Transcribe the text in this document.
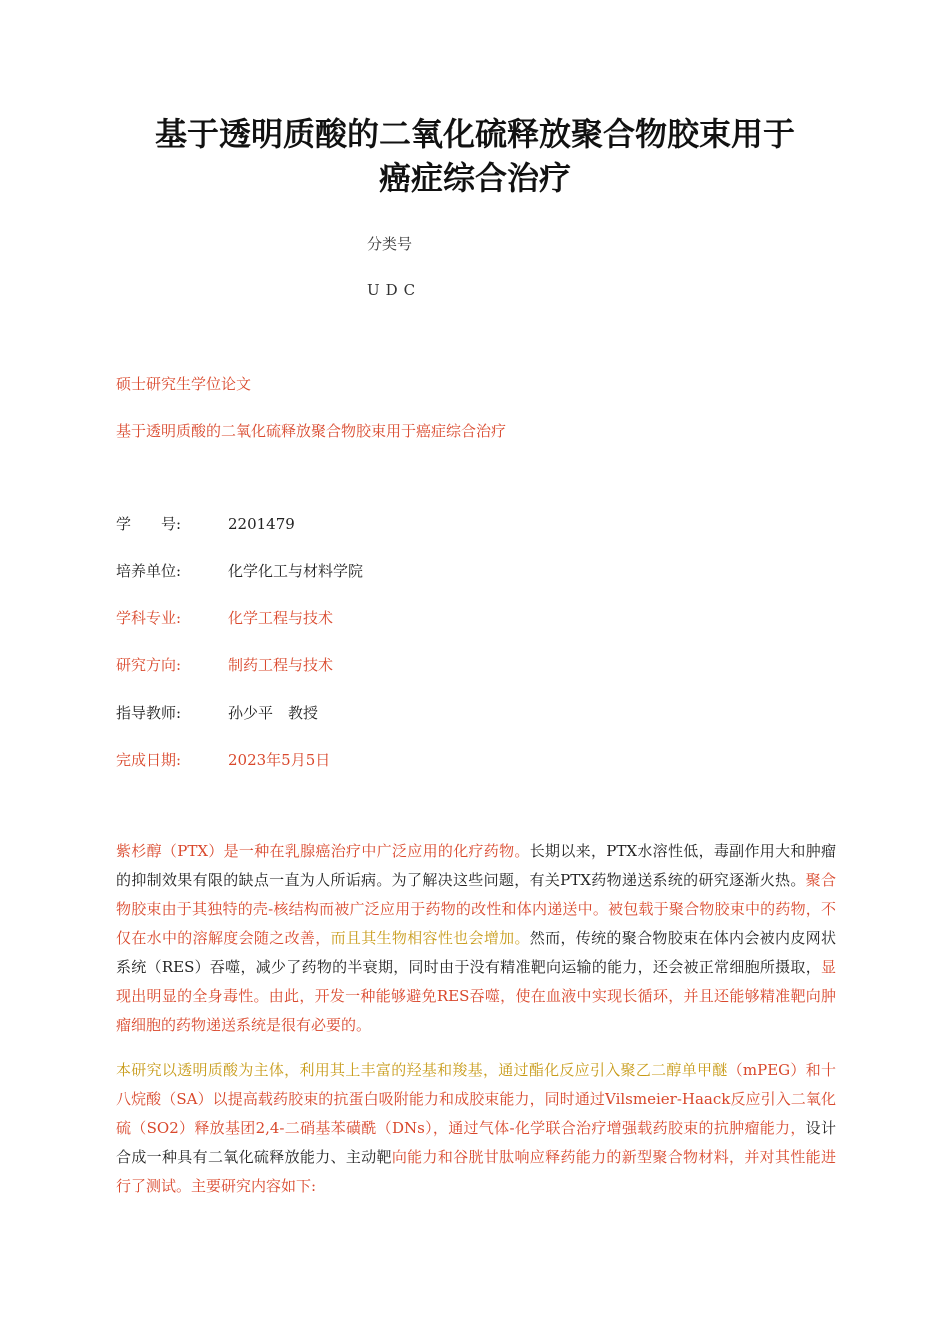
基于透明质酸的二氧化硫释放聚合物胶束用于
癌症综合治疗
分类号
UDC
硕士研究生学位论文
基于透明质酸的二氧化硫释放聚合物胶束用于癌症综合治疗
学　　号:	2201479
培养单位:	化学化工与材料学院
学科专业:	化学工程与技术
研究方向:	制药工程与技术
指导教师:	孙少平　教授
完成日期:	2023年5月5日

紫杉醇（PTX）是一种在乳腺癌治疗中广泛应用的化疗药物。长期以来，PTX水溶性低，毒副作用大和肿瘤的抑制效果有限的缺点一直为人所诟病。为了解决这些问题，有关PTX药物递送系统的研究逐渐火热。聚合物胶束由于其独特的壳-核结构而被广泛应用于药物的改性和体内递送中。被包载于聚合物胶束中的药物，不仅在水中的溶解度会随之改善，而且其生物相容性也会增加。然而，传统的聚合物胶束在体内会被内皮网状系统（RES）吞噬，减少了药物的半衰期，同时由于没有精准靶向运输的能力，还会被正常细胞所摄取，显现出明显的全身毒性。由此，开发一种能够避免RES吞噬，使在血液中实现长循环，并且还能够精准靶向肿瘤细胞的药物递送系统是很有必要的。

本研究以透明质酸为主体，利用其上丰富的羟基和羧基，通过酯化反应引入聚乙二醇单甲醚（mPEG）和十八烷酸（SA）以提高载药胶束的抗蛋白吸附能力和成胶束能力，同时通过Vilsmeier-Haack反应引入二氧化硫（SO2）释放基团2,4-二硝基苯磺酰（DNs），通过气体-化学联合治疗增强载药胶束的抗肿瘤能力，设计合成一种具有二氧化硫释放能力、主动靶向能力和谷胱甘肽响应释药能力的新型聚合物材料，并对其性能进行了测试。主要研究内容如下:
